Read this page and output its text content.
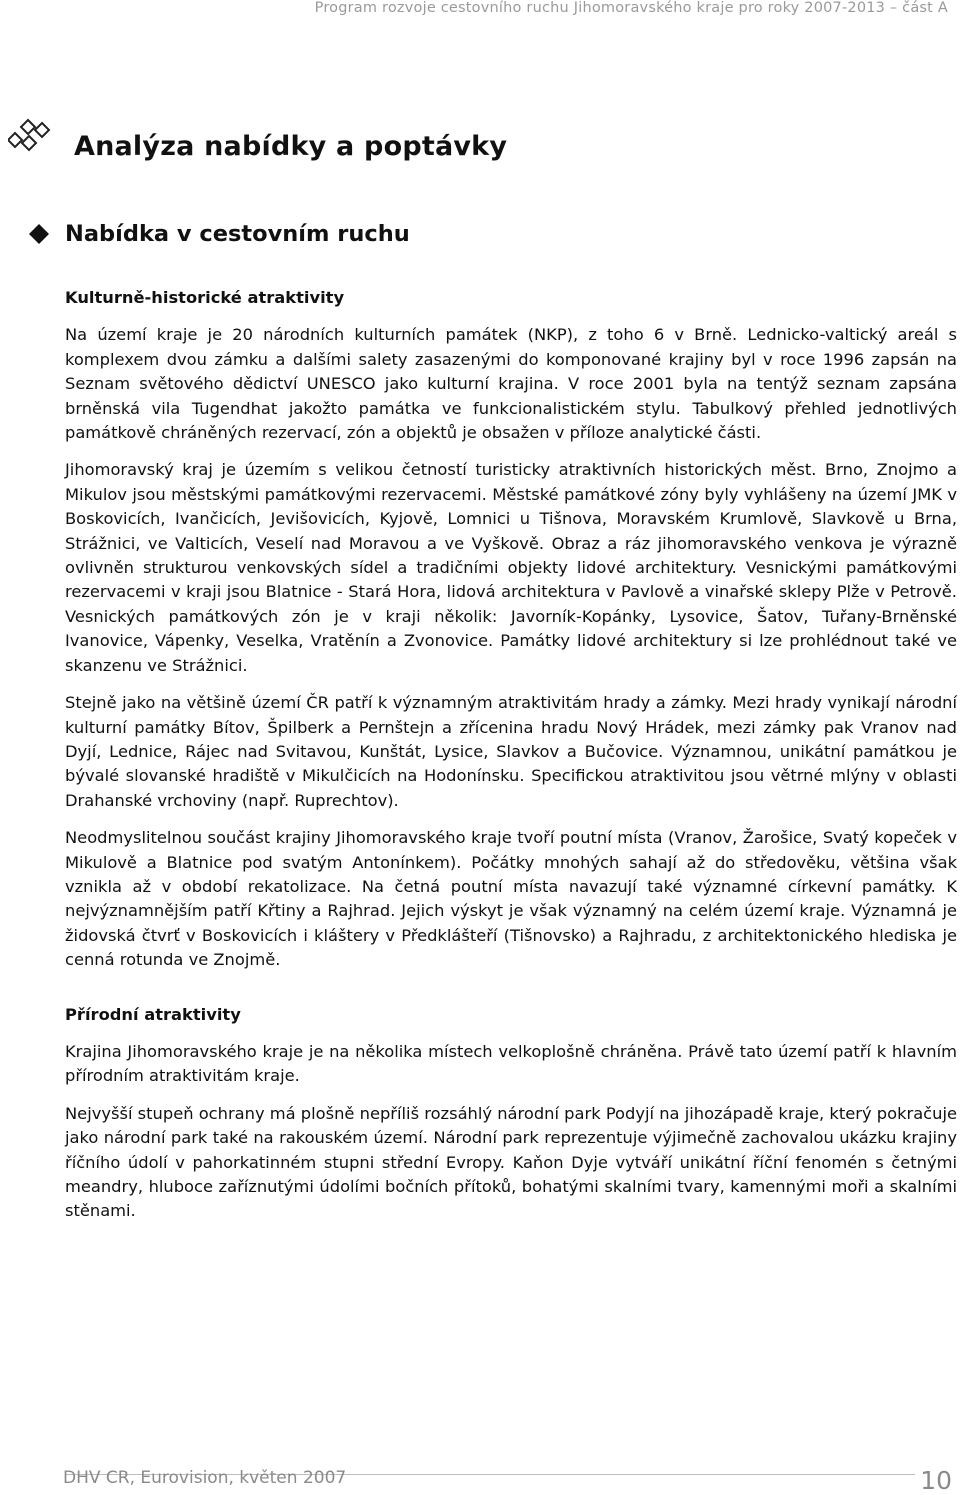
Program rozvoje cestovního ruchu Jihomoravského kraje pro roky 2007-2013 – část A
Analýza nabídky a poptávky
Nabídka v cestovním ruchu
Kulturně-historické atraktivity

Na území kraje je 20 národních kulturních památek (NKP), z toho 6 v Brně. Lednicko-valtický areál s komplexem dvou zámku a dalšími salety zasazenými do komponované krajiny byl v roce 1996 zapsán na Seznam světového dědictví UNESCO jako kulturní krajina. V roce 2001 byla na tentýž seznam zapsána brněnská vila Tugendhat jakožto památka ve funkcionalistickém stylu. Tabulkový přehled jednotlivých památkově chráněných rezervací, zón a objektů je obsažen v příloze analytické části.

Jihomoravský kraj je územím s velikou četností turisticky atraktivních historických měst. Brno, Znojmo a Mikulov jsou městskými památkovými rezervacemi. Městské památkové zóny byly vyhlášeny na území JMK v Boskovicích, Ivančicích, Jevišovicích, Kyjově, Lomnici u Tišnova, Moravském Krumlově, Slavkově u Brna, Strážnici, ve Valticích, Veselí nad Moravou a ve Vyškově. Obraz a ráz jihomoravského venkova je výrazně ovlivněn strukturou venkovských sídel a tradičními objekty lidové architektury. Vesnickými památkovými rezervacemi v kraji jsou Blatnice - Stará Hora, lidová architektura v Pavlově a vinařské sklepy Plže v Petrově. Vesnických památkových zón je v kraji několik: Javorník-Kopánky, Lysovice, Šatov, Tuřany-Brněnské Ivanovice, Vápenky, Veselka, Vratěnín a Zvonovice. Památky lidové architektury si lze prohlédnout také ve skanzenu ve Strážnici.

Stejně jako na většině území ČR patří k významným atraktivitám hrady a zámky. Mezi hrady vynikají národní kulturní památky Bítov, Špilberk a Pernštejn a zřícenina hradu Nový Hrádek, mezi zámky pak Vranov nad Dyjí, Lednice, Rájec nad Svitavou, Kunštát, Lysice, Slavkov a Bučovice. Významnou, unikátní památkou je bývalé slovanské hradiště v Mikulčicích na Hodonínsku. Specifickou atraktivitou jsou větrné mlýny v oblasti Drahanské vrchoviny (např. Ruprechtov).

Neodmyslitelnou součást krajiny Jihomoravského kraje tvoří poutní místa (Vranov, Žarošice, Svatý kopeček v Mikulově a Blatnice pod svatým Antonínkem). Počátky mnohých sahají až do středověku, většina však vznikla až v období rekatolizace. Na četná poutní místa navazují také významné církevní památky. K nejvýznamnějším patří Křtiny a Rajhrad. Jejich výskyt je však významný na celém území kraje. Významná je židovská čtvrť v Boskovicích i kláštery v Předklášteří (Tišnovsko) a Rajhradu, z architektonického hlediska je cenná rotunda ve Znojmě.

Přírodní atraktivity

Krajina Jihomoravského kraje je na několika místech velkoplošně chráněna. Právě tato území patří k hlavním přírodním atraktivitám kraje.

Nejvyšší stupeň ochrany má plošně nepříliš rozsáhlý národní park Podyjí na jihozápadě kraje, který pokračuje jako národní park také na rakouském území. Národní park reprezentuje výjimečně zachovalou ukázku krajiny říčního údolí v pahorkatinném stupni střední Evropy. Kaňon Dyje vytváří unikátní říční fenomén s četnými meandry, hluboce zaříznutými údolími bočních přítoků, bohatými skalními tvary, kamennými moři a skalními stěnami.

DHV CR, Eurovision, květen 2007	10
